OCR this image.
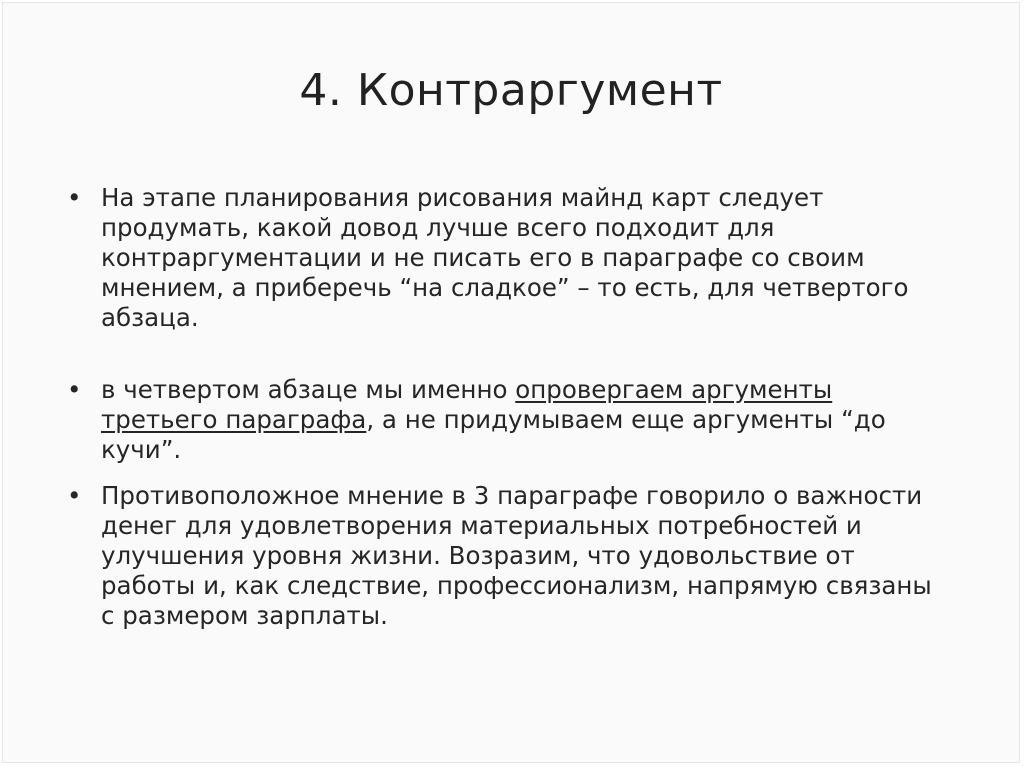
4. Контраргумент
• На этапе планирования рисования майнд карт следует продумать, какой довод лучше всего подходит для контраргументации и не писать его в параграфе со своим мнением, а приберечь “на сладкое” – то есть, для четвертого абзаца.
• в четвертом абзаце мы именно опровергаем аргументы третьего параграфа, а не придумываем еще аргументы “до кучи”.
• Противоположное мнение в 3 параграфе говорило о важности денег для удовлетворения материальных потребностей и улучшения уровня жизни. Возразим, что удовольствие от работы и, как следствие, профессионализм, напрямую связаны с размером зарплаты.
